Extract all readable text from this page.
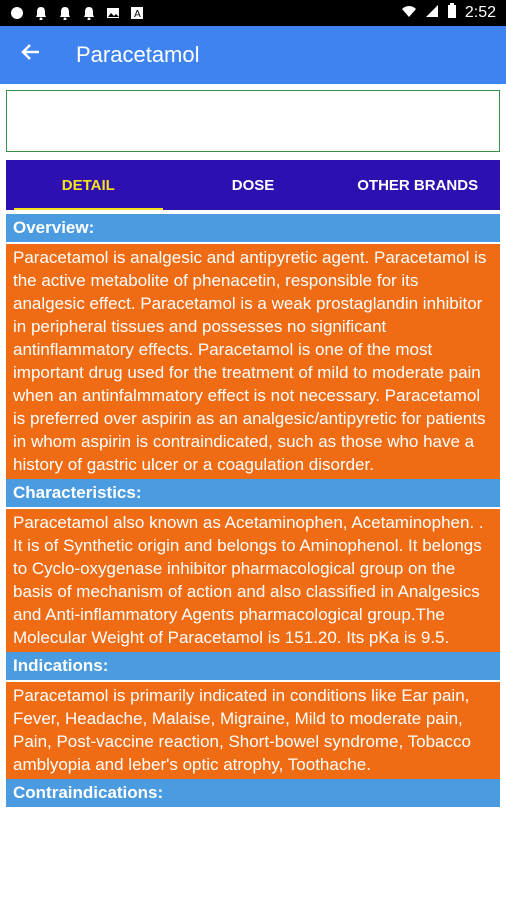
A	2:52
Paracetamol
DETAIL	DOSE	OTHER BRANDS
Overview:
Paracetamol is analgesic and antipyretic agent. Paracetamol is the active metabolite of phenacetin, responsible for its analgesic effect. Paracetamol is a weak prostaglandin inhibitor in peripheral tissues and possesses no significant antinflammatory effects. Paracetamol is one of the most important drug used for the treatment of mild to moderate pain when an antinfalmmatory effect is not necessary. Paracetamol is preferred over aspirin as an analgesic/antipyretic for patients in whom aspirin is contraindicated, such as those who have a history of gastric ulcer or a coagulation disorder.
Characteristics:
Paracetamol also known as Acetaminophen, Acetaminophen. . It is of Synthetic origin and belongs to Aminophenol. It belongs to Cyclo-oxygenase inhibitor pharmacological group on the basis of mechanism of action and also classified in Analgesics and Anti-inflammatory Agents pharmacological group.The Molecular Weight of Paracetamol is 151.20. Its pKa is 9.5.
Indications:
Paracetamol is primarily indicated in conditions like Ear pain, Fever, Headache, Malaise, Migraine, Mild to moderate pain, Pain, Post-vaccine reaction, Short-bowel syndrome, Tobacco amblyopia and leber's optic atrophy, Toothache.
Contraindications:
